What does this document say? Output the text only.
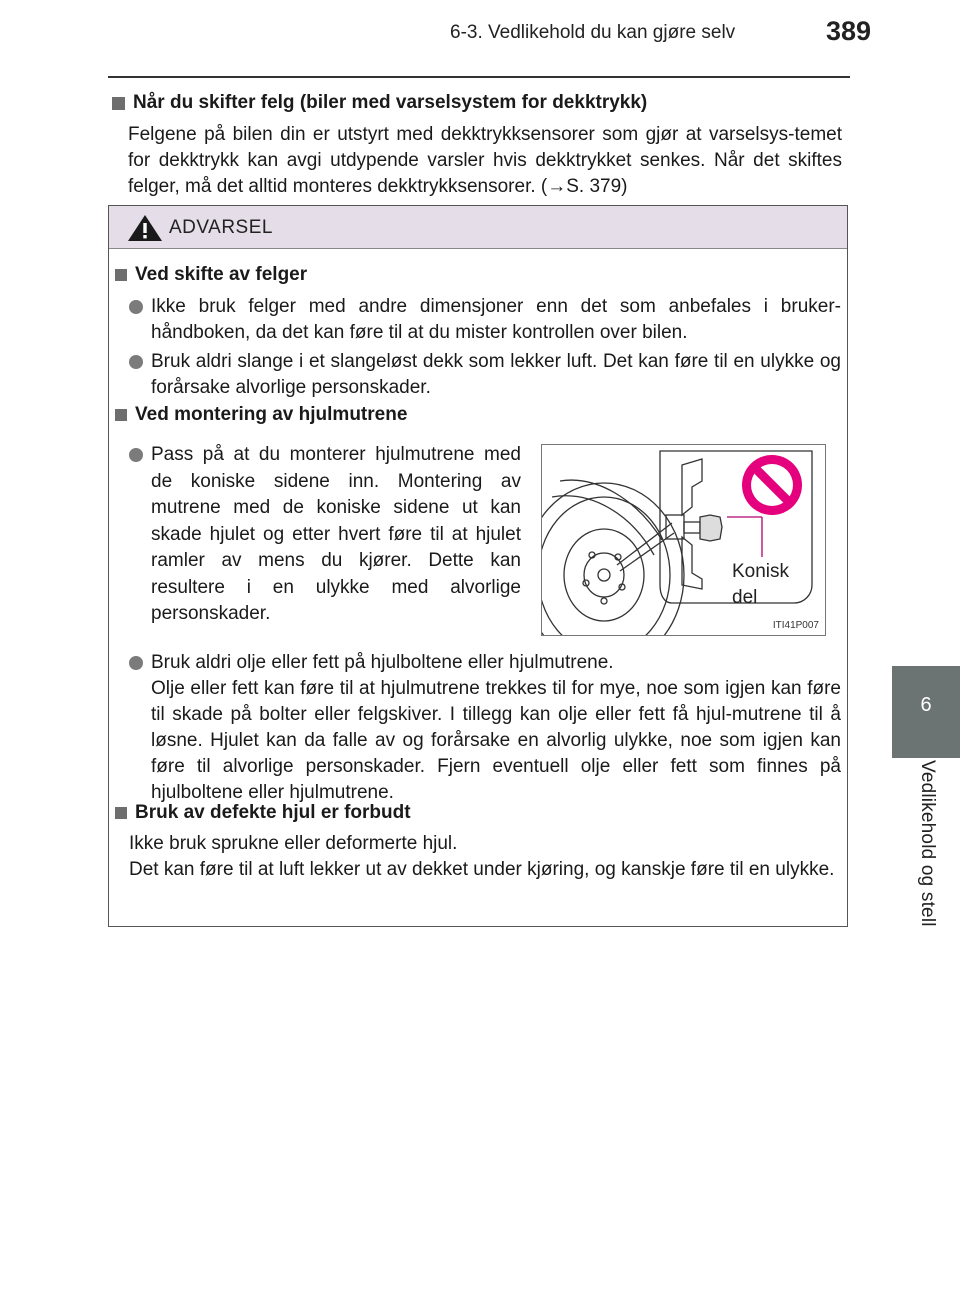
6-3. Vedlikehold du kan gjøre selv	389
6
Vedlikehold og stell
Når du skifter felg (biler med varselsystem for dekktrykk)
Felgene på bilen din er utstyrt med dekktrykksensorer som gjør at varselsys-temet for dekktrykk kan avgi utdypende varsler hvis dekktrykket senkes. Når det skiftes felger, må det alltid monteres dekktrykksensorer. (→S. 379)
ADVARSEL
Ved skifte av felger
Ikke bruk felger med andre dimensjoner enn det som anbefales i bruker-håndboken, da det kan føre til at du mister kontrollen over bilen.
Bruk aldri slange i et slangeløst dekk som lekker luft. Det kan føre til en ulykke og forårsake alvorlige personskader.
Ved montering av hjulmutrene
Pass på at du monterer hjulmutrene med de koniske sidene inn. Montering av mutrene med de koniske sidene ut kan skade hjulet og etter hvert føre til at hjulet ramler av mens du kjører. Dette kan resultere i en ulykke med alvorlige personskader.
Konisk
del
ITI41P007
Bruk aldri olje eller fett på hjulboltene eller hjulmutrene.
Olje eller fett kan føre til at hjulmutrene trekkes til for mye, noe som igjen kan føre til skade på bolter eller felgskiver. I tillegg kan olje eller fett få hjul-mutrene til å løsne. Hjulet kan da falle av og forårsake en alvorlig ulykke, noe som igjen kan føre til alvorlige personskader. Fjern eventuell olje eller fett som finnes på hjulboltene eller hjulmutrene.
Bruk av defekte hjul er forbudt
Ikke bruk sprukne eller deformerte hjul.
Det kan føre til at luft lekker ut av dekket under kjøring, og kanskje føre til en ulykke.
